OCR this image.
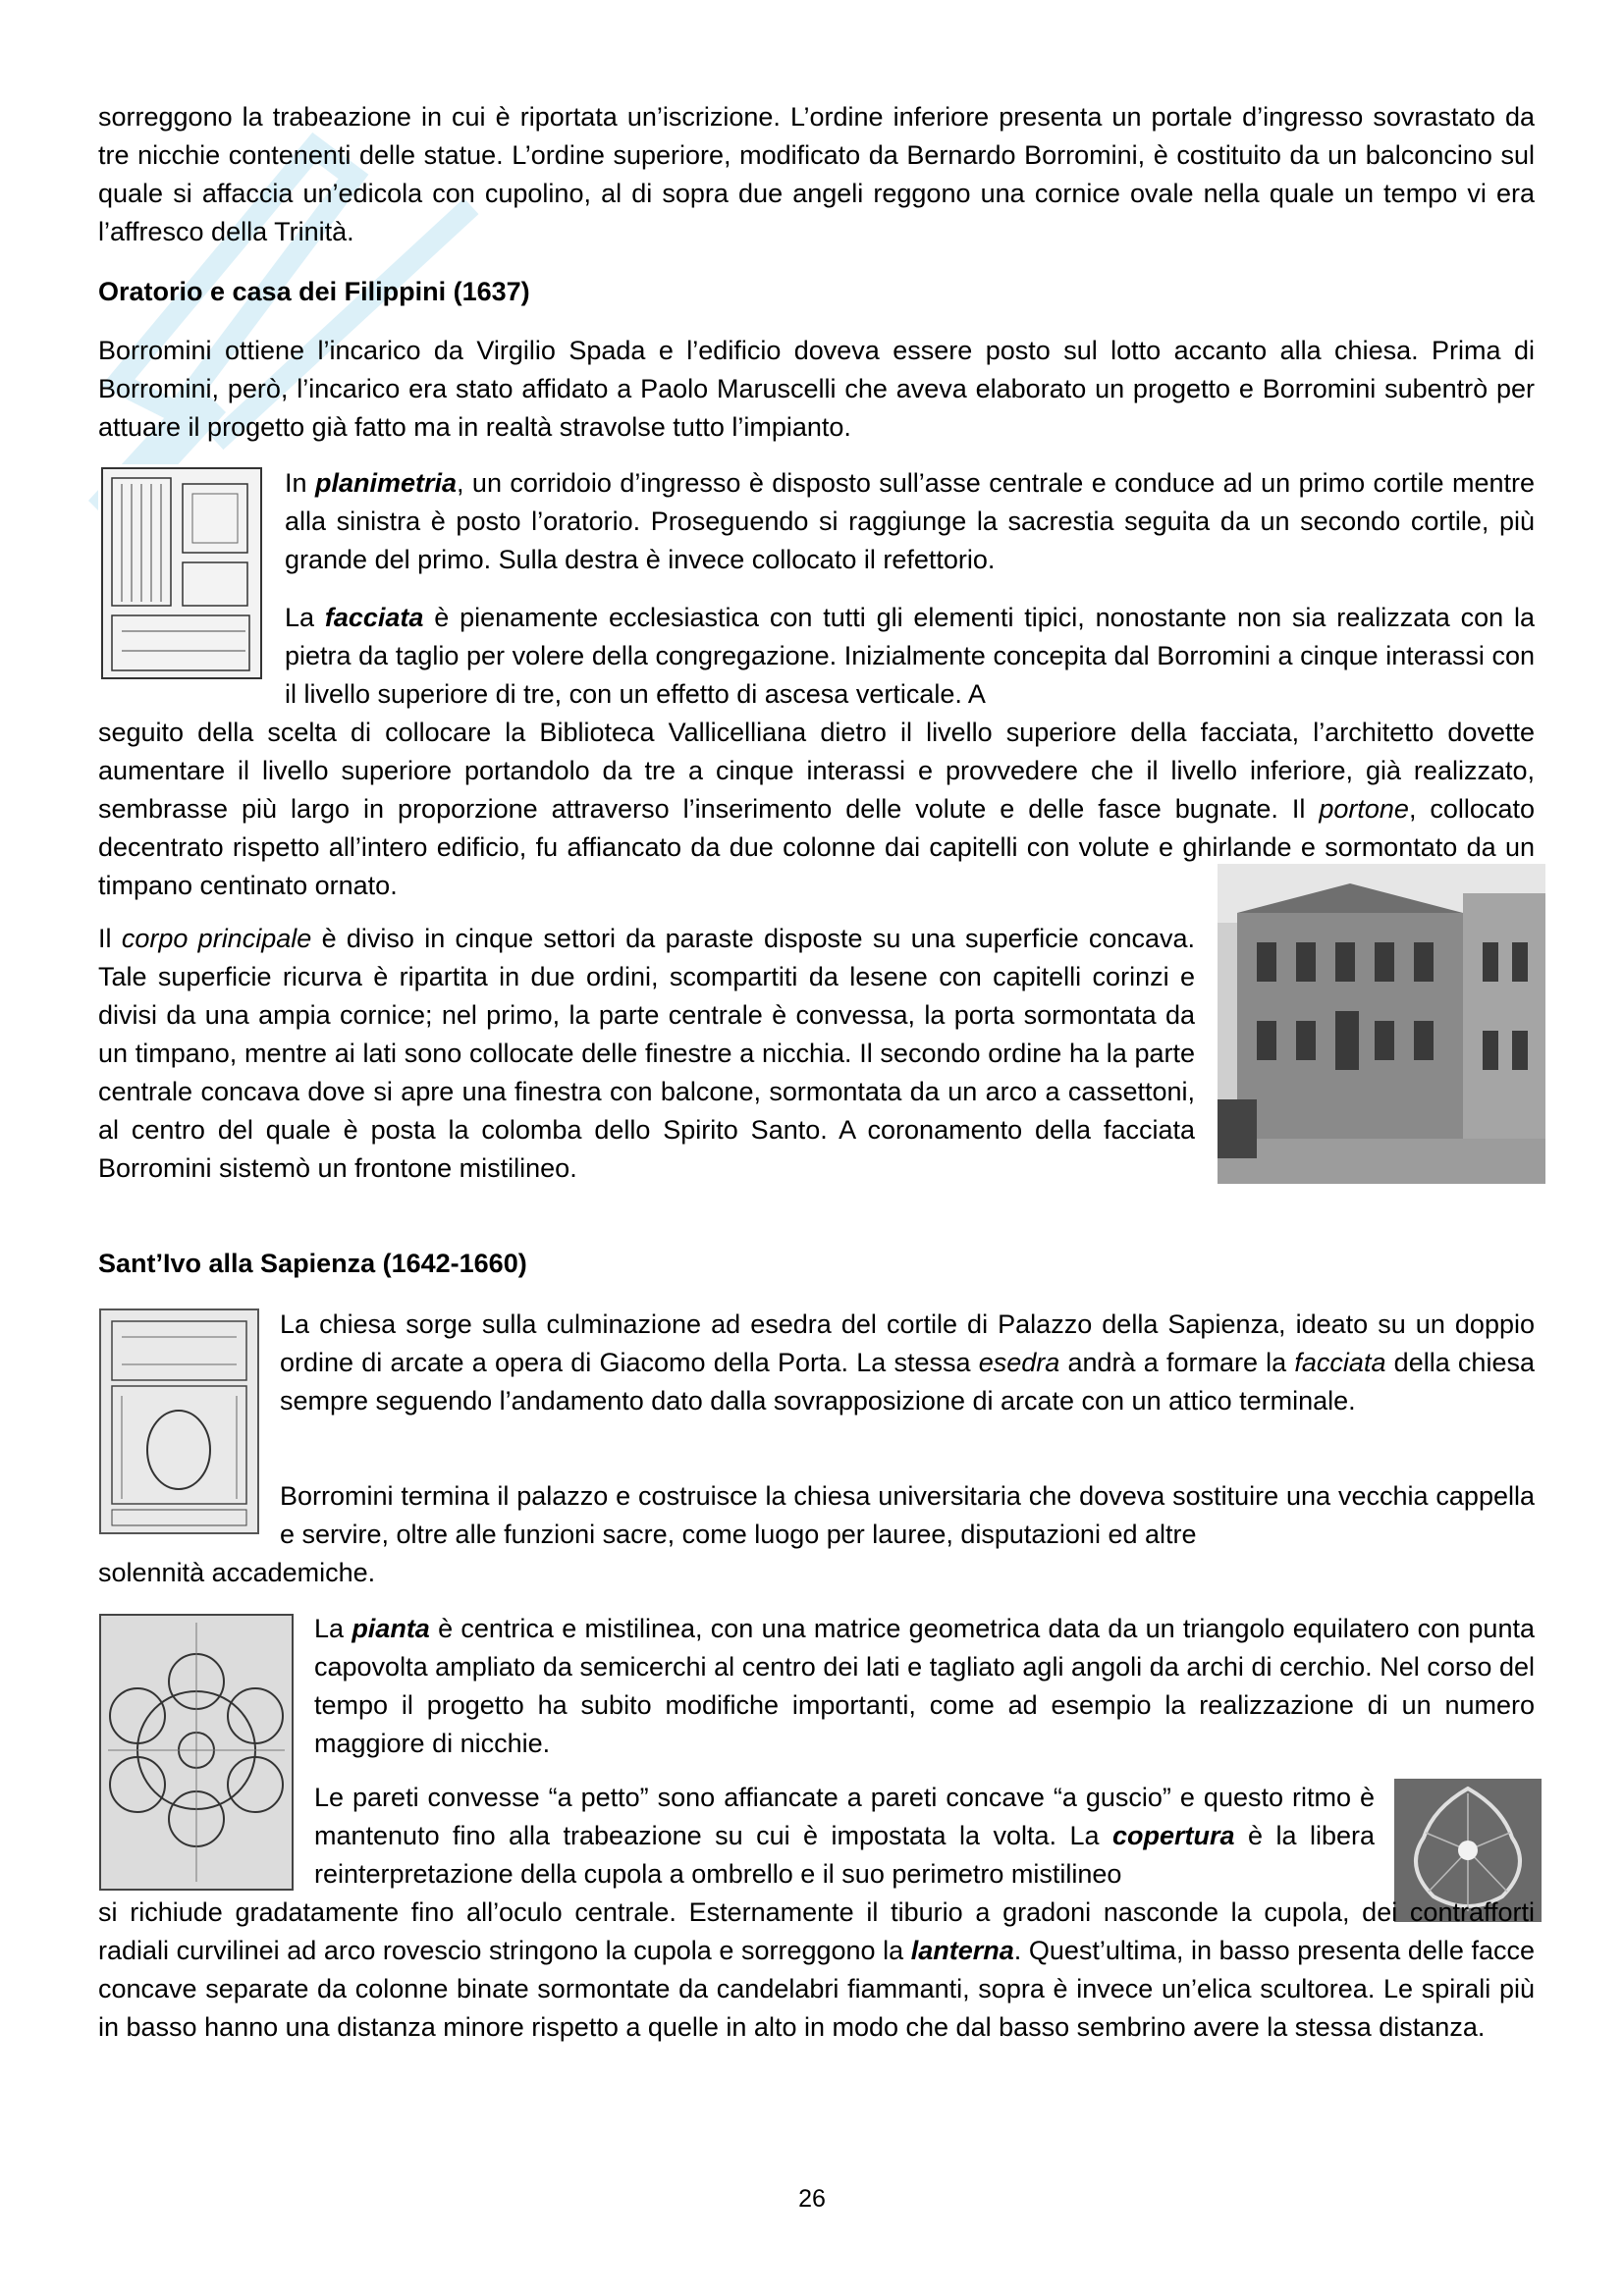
sorreggono la trabeazione in cui è riportata un’iscrizione. L’ordine inferiore presenta un portale d’ingresso sovrastato da tre nicchie contenenti delle statue. L’ordine superiore, modificato da Bernardo Borromini, è costituito da un balconcino sul quale si affaccia un’edicola con cupolino, al di sopra due angeli reggono una cornice ovale nella quale un tempo vi era l’affresco della Trinità.

Oratorio e casa dei Filippini (1637)

Borromini ottiene l’incarico da Virgilio Spada e l’edificio doveva essere posto sul lotto accanto alla chiesa. Prima di Borromini, però, l’incarico era stato affidato a Paolo Maruscelli che aveva elaborato un progetto e Borromini subentrò per attuare il progetto già fatto ma in realtà stravolse tutto l’impianto.

In planimetria, un corridoio d’ingresso è disposto sull’asse centrale e conduce ad un primo cortile mentre alla sinistra è posto l’oratorio. Proseguendo si raggiunge la sacrestia seguita da un secondo cortile, più grande del primo. Sulla destra è invece collocato il refettorio.

La facciata è pienamente ecclesiastica con tutti gli elementi tipici, nonostante non sia realizzata con la pietra da taglio per volere della congregazione. Inizialmente concepita dal Borromini a cinque interassi con il livello superiore di tre, con un effetto di ascesa verticale. A

seguito della scelta di collocare la Biblioteca Vallicelliana dietro il livello superiore della facciata, l’architetto dovette aumentare il livello superiore portandolo da tre a cinque interassi e provvedere che il livello inferiore, già realizzato, sembrasse più largo in proporzione attraverso l’inserimento delle volute e delle fasce bugnate. Il portone, collocato decentrato rispetto all’intero edificio, fu affiancato da due colonne dai capitelli con volute e ghirlande e sormontato da un timpano centinato ornato.

Il corpo principale è diviso in cinque settori da paraste disposte su una superficie concava. Tale superficie ricurva è ripartita in due ordini, scompartiti da lesene con capitelli corinzi e divisi da una ampia cornice; nel primo, la parte centrale è convessa, la porta sormontata da un timpano, mentre ai lati sono collocate delle finestre a nicchia. Il secondo ordine ha la parte centrale concava dove si apre una finestra con balcone, sormontata da un arco a cassettoni, al centro del quale è posta la colomba dello Spirito Santo. A coronamento della facciata Borromini sistemò un frontone mistilineo.

Sant’Ivo alla Sapienza (1642-1660)

La chiesa sorge sulla culminazione ad esedra del cortile di Palazzo della Sapienza, ideato su un doppio ordine di arcate a opera di Giacomo della Porta. La stessa esedra andrà a formare la facciata della chiesa sempre seguendo l’andamento dato dalla sovrapposizione di arcate con un attico terminale.

Borromini termina il palazzo e costruisce la chiesa universitaria che doveva sostituire una vecchia cappella e servire, oltre alle funzioni sacre, come luogo per lauree, disputazioni ed altre

solennità accademiche.

La pianta è centrica e mistilinea, con una matrice geometrica data da un triangolo equilatero con punta capovolta ampliato da semicerchi al centro dei lati e tagliato agli angoli da archi di cerchio. Nel corso del tempo il progetto ha subito modifiche importanti, come ad esempio la realizzazione di un numero maggiore di nicchie.

Le pareti convesse “a petto” sono affiancate a pareti concave “a guscio” e questo ritmo è mantenuto fino alla trabeazione su cui è impostata la volta. La copertura è la libera reinterpretazione della cupola a ombrello e il suo perimetro mistilineo

si richiude gradatamente fino all’oculo centrale. Esternamente il tiburio a gradoni nasconde la cupola, dei contrafforti radiali curvilinei ad arco rovescio stringono la cupola e sorreggono la lanterna. Quest’ultima, in basso presenta delle facce concave separate da colonne binate sormontate da candelabri fiammanti, sopra è invece un’elica scultorea. Le spirali più in basso hanno una distanza minore rispetto a quelle in alto in modo che dal basso sembrino avere la stessa distanza.

26
